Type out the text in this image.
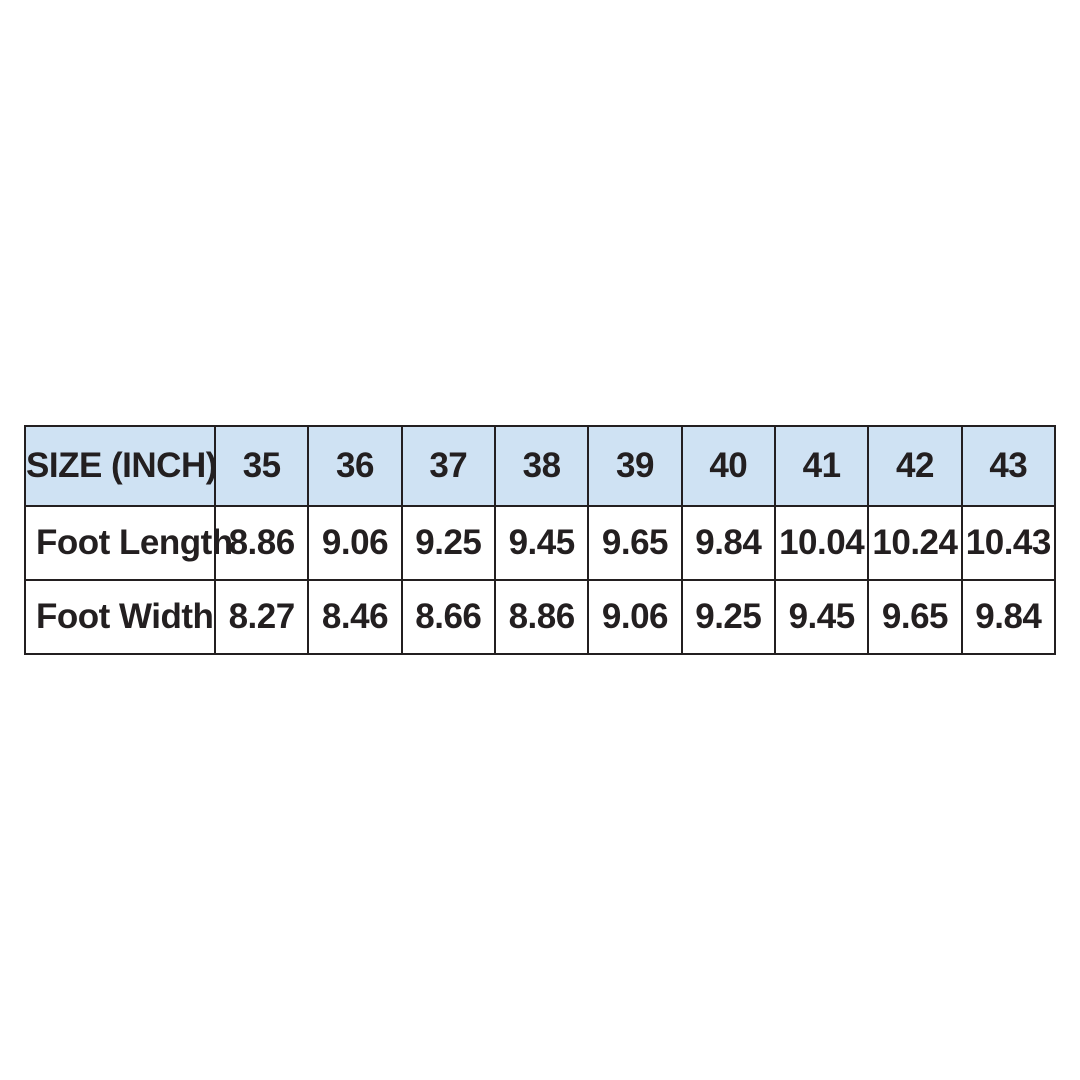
SIZE (INCH)	35	36	37	38	39	40	41	42	43
Foot Length	8.86	9.06	9.25	9.45	9.65	9.84	10.04	10.24	10.43
Foot Width	8.27	8.46	8.66	8.86	9.06	9.25	9.45	9.65	9.84
